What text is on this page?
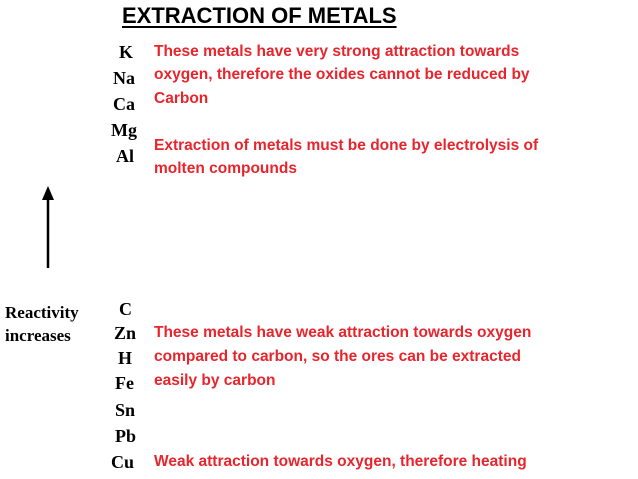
EXTRACTION OF METALS
K
Na
Ca
Mg
Al
C
Zn
H
Fe
Sn
Pb
Cu
These metals have very strong attraction towards
oxygen, therefore the oxides cannot be reduced by
Carbon
Extraction of metals must be done by electrolysis of
molten compounds
These metals have weak attraction towards oxygen
compared to carbon, so the ores can be extracted
easily by carbon
Weak attraction towards oxygen, therefore heating
Reactivity
increases
